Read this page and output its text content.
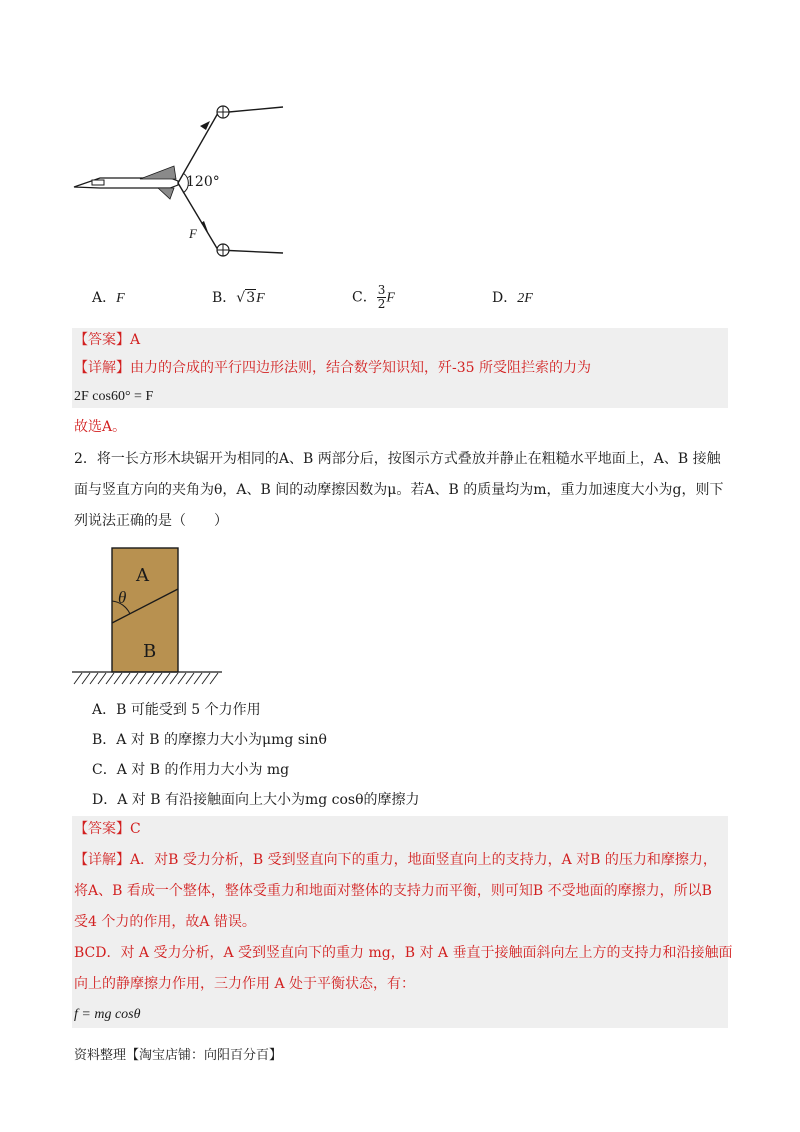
120°
F
A．F	B．√3F	C． $\frac{3}{2}$ F	D．2F
【答案】A
【详解】由力的合成的平行四边形法则，结合数学知识知，歼-35 所受阻拦索的力为
2F cos60° = F
故选A。
2．将一长方形木块锯开为相同的A、B 两部分后，按图示方式叠放并静止在粗糙水平地面上，A、B 接触
面与竖直方向的夹角为θ，A、B 间的动摩擦因数为μ。若A、B 的质量均为m，重力加速度大小为g，则下
列说法正确的是（　　）
A
θ
B
A．B 可能受到 5 个力作用
B．A 对 B 的摩擦力大小为μmg sinθ
C．A 对 B 的作用力大小为 mg
D．A 对 B 有沿接触面向上大小为mg cosθ的摩擦力
【答案】C
【详解】A．对B 受力分析，B 受到竖直向下的重力，地面竖直向上的支持力，A 对B 的压力和摩擦力，
将A、B 看成一个整体，整体受重力和地面对整体的支持力而平衡，则可知B 不受地面的摩擦力，所以B
受4 个力的作用，故A 错误。
BCD．对 A 受力分析，A 受到竖直向下的重力 mg，B 对 A 垂直于接触面斜向左上方的支持力和沿接触面
向上的静摩擦力作用，三力作用 A 处于平衡状态，有：
f = mg cosθ
资料整理【淘宝店铺：向阳百分百】
